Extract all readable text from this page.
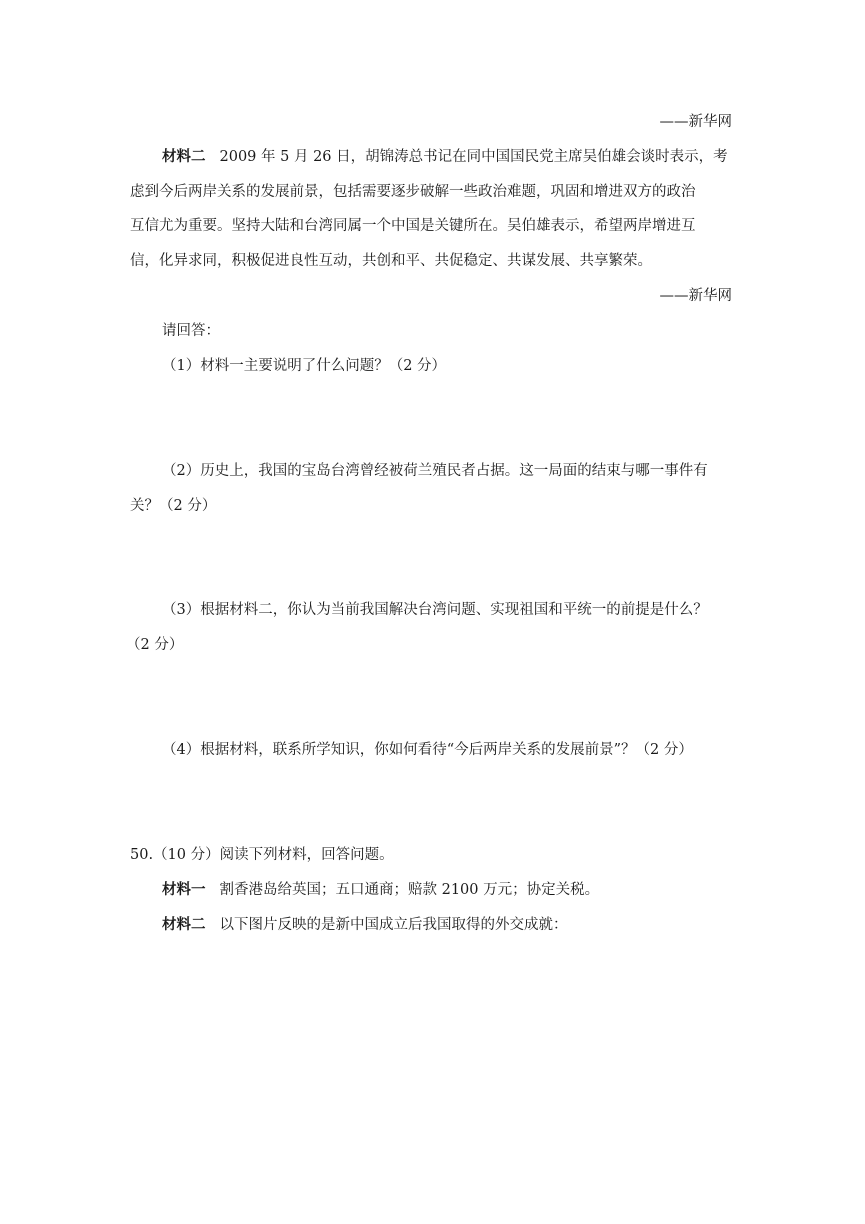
——新华网
材料二 2009 年 5 月 26 日，胡锦涛总书记在同中国国民党主席吴伯雄会谈时表示，考
虑到今后两岸关系的发展前景，包括需要逐步破解一些政治难题，巩固和增进双方的政治
互信尤为重要。坚持大陆和台湾同属一个中国是关键所在。吴伯雄表示，希望两岸增进互
信，化异求同，积极促进良性互动，共创和平、共促稳定、共谋发展、共享繁荣。
——新华网
请回答：
（1）材料一主要说明了什么问题？（2 分）
（2）历史上，我国的宝岛台湾曾经被荷兰殖民者占据。这一局面的结束与哪一事件有
关？（2 分）
（3）根据材料二，你认为当前我国解决台湾问题、实现祖国和平统一的前提是什么？
（2 分）
（4）根据材料，联系所学知识，你如何看待“今后两岸关系的发展前景”？（2 分）
50.（10 分）阅读下列材料，回答问题。
材料一 割香港岛给英国；五口通商；赔款 2100 万元；协定关税。
材料二 以下图片反映的是新中国成立后我国取得的外交成就：
